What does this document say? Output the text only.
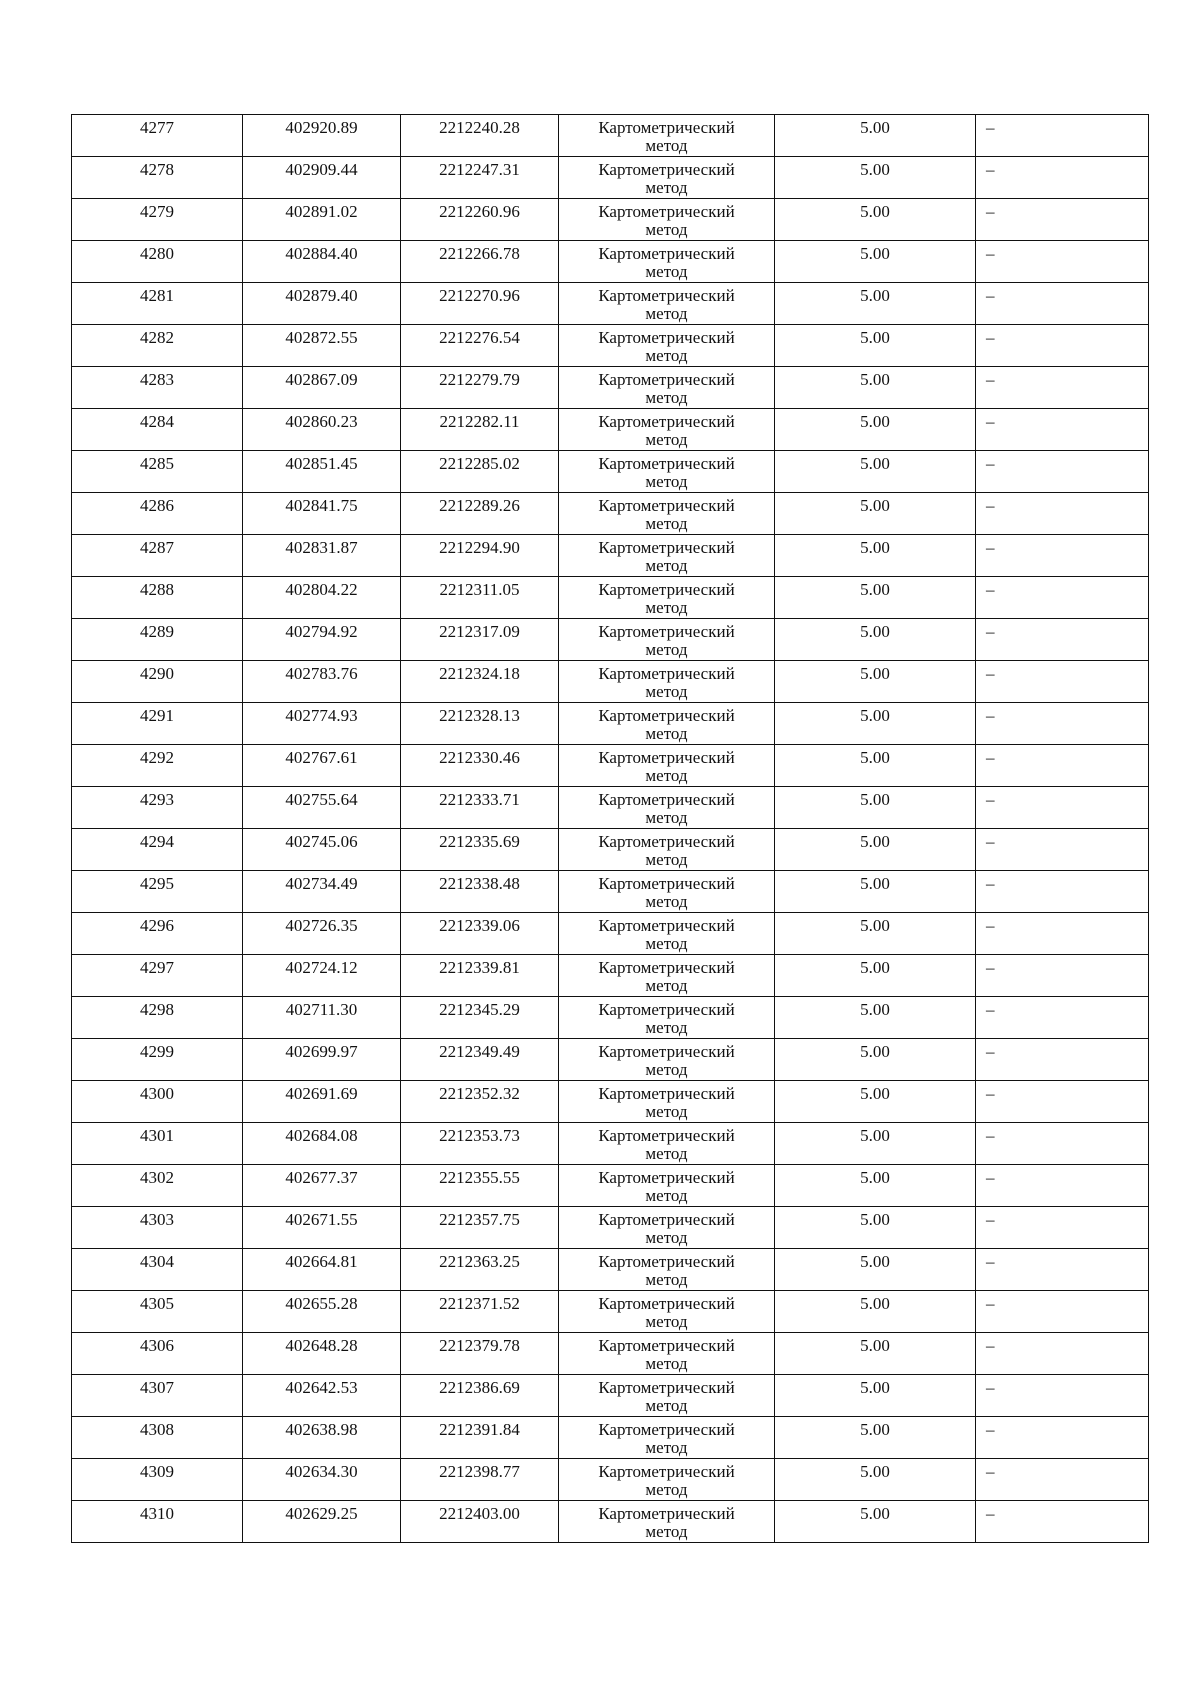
4277	402920.89	2212240.28	Картометрический
метод	5.00	–

4278	402909.44	2212247.31	Картометрический
метод	5.00	–

4279	402891.02	2212260.96	Картометрический
метод	5.00	–

4280	402884.40	2212266.78	Картометрический
метод	5.00	–

4281	402879.40	2212270.96	Картометрический
метод	5.00	–

4282	402872.55	2212276.54	Картометрический
метод	5.00	–

4283	402867.09	2212279.79	Картометрический
метод	5.00	–

4284	402860.23	2212282.11	Картометрический
метод	5.00	–

4285	402851.45	2212285.02	Картометрический
метод	5.00	–

4286	402841.75	2212289.26	Картометрический
метод	5.00	–

4287	402831.87	2212294.90	Картометрический
метод	5.00	–

4288	402804.22	2212311.05	Картометрический
метод	5.00	–

4289	402794.92	2212317.09	Картометрический
метод	5.00	–

4290	402783.76	2212324.18	Картометрический
метод	5.00	–

4291	402774.93	2212328.13	Картометрический
метод	5.00	–

4292	402767.61	2212330.46	Картометрический
метод	5.00	–

4293	402755.64	2212333.71	Картометрический
метод	5.00	–

4294	402745.06	2212335.69	Картометрический
метод	5.00	–

4295	402734.49	2212338.48	Картометрический
метод	5.00	–

4296	402726.35	2212339.06	Картометрический
метод	5.00	–

4297	402724.12	2212339.81	Картометрический
метод	5.00	–

4298	402711.30	2212345.29	Картометрический
метод	5.00	–

4299	402699.97	2212349.49	Картометрический
метод	5.00	–

4300	402691.69	2212352.32	Картометрический
метод	5.00	–

4301	402684.08	2212353.73	Картометрический
метод	5.00	–

4302	402677.37	2212355.55	Картометрический
метод	5.00	–

4303	402671.55	2212357.75	Картометрический
метод	5.00	–

4304	402664.81	2212363.25	Картометрический
метод	5.00	–

4305	402655.28	2212371.52	Картометрический
метод	5.00	–

4306	402648.28	2212379.78	Картометрический
метод	5.00	–

4307	402642.53	2212386.69	Картометрический
метод	5.00	–

4308	402638.98	2212391.84	Картометрический
метод	5.00	–

4309	402634.30	2212398.77	Картометрический
метод	5.00	–

4310	402629.25	2212403.00	Картометрический
метод	5.00	–
